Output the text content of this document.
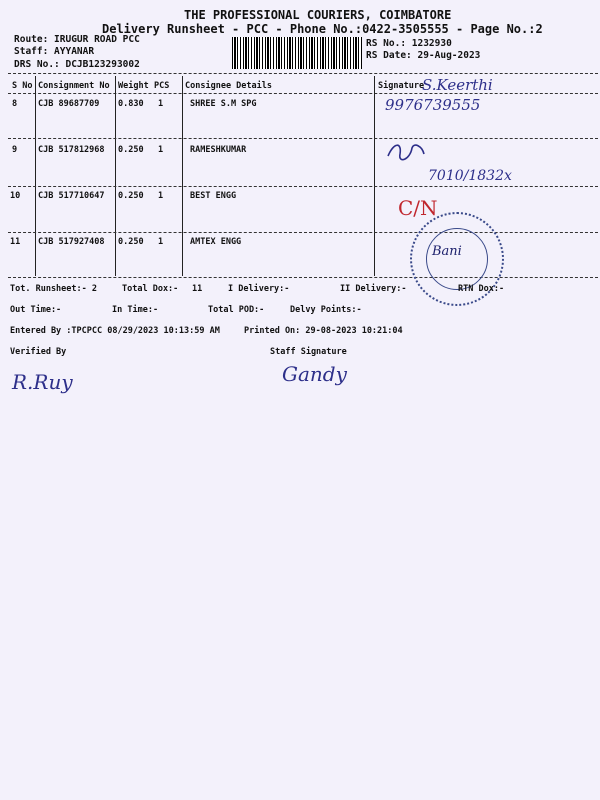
THE PROFESSIONAL COURIERS, COIMBATORE
Delivery Runsheet - PCC - Phone No.:0422-3505555 - Page No.:2
Route: IRUGUR ROAD PCC
Staff: AYYANAR
DRS No.: DCJB123293002
RS No.: 1232930
RS Date: 29-Aug-2023
S No Consignment No Weight PCS Consignee Details	Signature
8 CJB 89687709 0.830 1	SHREE S.M SPG
9 CJB 517812968 0.250 1	RAMESHKUMAR
10 CJB 517710647 0.250 1	BEST ENGG
11 CJB 517927408 0.250 1	AMTEX ENGG
S.Keerthi
9976739555
7010/1832x
C/N
Bani
Tot. Runsheet:- 2	Total Dox:- 11	I Delivery:-	II Delivery:-	RTN Dox:-
Out Time:-	In Time:-	Total POD:-	Delvy Points:-
Entered By :TPCPCC 08/29/2023 10:13:59 AM	Printed On: 29-08-2023 10:21:04
Verified By	Staff Signature
R.Ruy	Gandy
